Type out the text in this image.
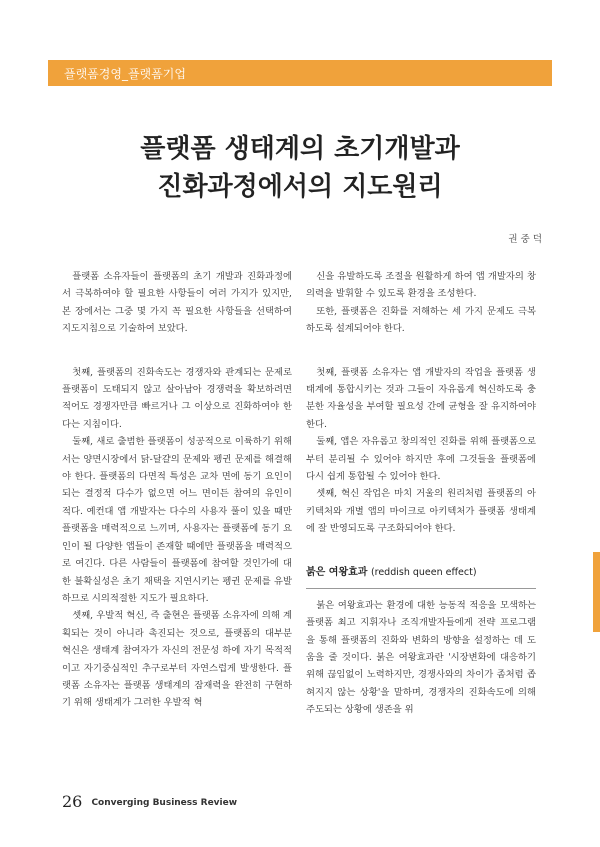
플랫폼경영_플랫폼기업
플랫폼 생태계의 초기개발과
진화과정에서의 지도원리
권 중 덕

플랫폼 소유자들이 플랫폼의 초기 개발과 진화과정에서 극복하여야 할 필요한 사항들이 여러 가지가 있지만, 본 장에서는 그중 몇 가지 꼭 필요한 사항들을 선택하여 지도지침으로 기술하여 보았다.

첫째, 플랫폼의 진화속도는 경쟁자와 관계되는 문제로 플랫폼이 도태되지 않고 살아남아 경쟁력을 확보하려면 적어도 경쟁자만큼 빠르거나 그 이상으로 진화하여야 한다는 지침이다.

둘째, 새로 출범한 플랫폼이 성공적으로 이륙하기 위해서는 양면시장에서 닭-달걀의 문제와 펭귄 문제를 해결해야 한다. 플랫폼의 다면적 특성은 교차 면에 동기 요인이 되는 결정적 다수가 없으면 어느 면이든 참여의 유인이 적다. 예컨대 앱 개발자는 다수의 사용자 풀이 있을 때만 플랫폼을 매력적으로 느끼며, 사용자는 플랫폼에 동기 요인이 될 다양한 앱들이 존재할 때에만 플랫폼을 매력적으로 여긴다. 다른 사람들이 플랫폼에 참여할 것인가에 대한 불확실성은 초기 채택을 지연시키는 펭귄 문제를 유발하므로 시의적절한 지도가 필요하다.

셋째, 우발적 혁신, 즉 출현은 플랫폼 소유자에 의해 계획되는 것이 아니라 촉진되는 것으로, 플랫폼의 대부분 혁신은 생태계 참여자가 자신의 전문성 하에 자기 목적적이고 자기중심적인 추구로부터 자연스럽게 발생한다. 플랫폼 소유자는 플랫폼 생태계의 잠재력을 완전히 구현하기 위해 생태계가 그러한 우발적 혁

신을 유발하도록 조절을 원활하게 하여 앱 개발자의 창의력을 발휘할 수 있도록 환경을 조성한다.

또한, 플랫폼은 진화를 저해하는 세 가지 문제도 극복하도록 설계되어야 한다.

첫째, 플랫폼 소유자는 앱 개발자의 작업을 플랫폼 생태계에 통합시키는 것과 그들이 자유롭게 혁신하도록 충분한 자율성을 부여할 필요성 간에 균형을 잘 유지하여야 한다.

둘째, 앱은 자유롭고 창의적인 진화를 위해 플랫폼으로부터 분리될 수 있어야 하지만 후에 그것들을 플랫폼에 다시 쉽게 통합될 수 있어야 한다.

셋째, 혁신 작업은 마치 거울의 원리처럼 플랫폼의 아키텍처와 개별 앱의 마이크로 아키텍처가 플랫폼 생태계에 잘 반영되도록 구조화되어야 한다.

붉은 여왕효과 (reddish queen effect)

붉은 여왕효과는 환경에 대한 능동적 적응을 모색하는 플랫폼 최고 지휘자나 조직개발자들에게 전략 프로그램을 통해 플랫폼의 진화와 변화의 방향을 설정하는 데 도움을 줄 것이다. 붉은 여왕효과란 '시장변화에 대응하기 위해 끊임없이 노력하지만, 경쟁사와의 차이가 좀처럼 좁혀지지 않는 상황'을 말하며, 경쟁자의 진화속도에 의해 주도되는 상황에 생존을 위

26 Converging Business Review
